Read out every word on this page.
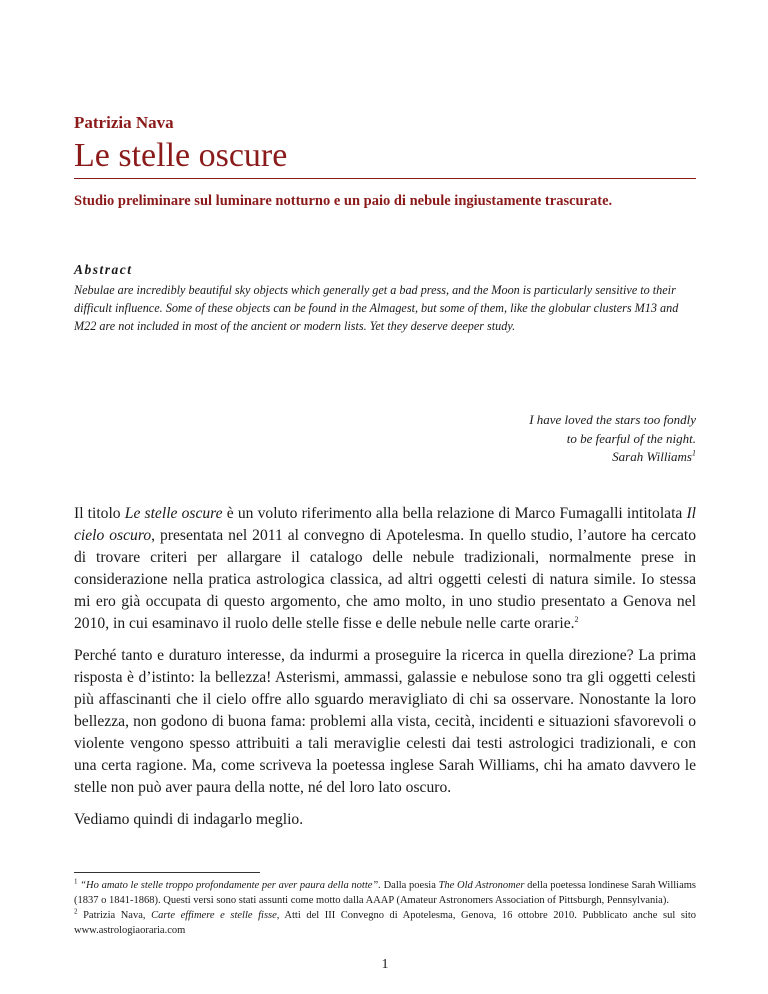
Patrizia Nava
Le stelle oscure
Studio preliminare sul luminare notturno e un paio di nebule ingiustamente trascurate.
Abstract
Nebulae are incredibly beautiful sky objects which generally get a bad press, and the Moon is particularly sensitive to their difficult influence. Some of these objects can be found in the Almagest, but some of them, like the globular clusters M13 and M22 are not included in most of the ancient or modern lists. Yet they deserve deeper study.
I have loved the stars too fondly
to be fearful of the night.
Sarah Williams$^1$

Il titolo Le stelle oscure è un voluto riferimento alla bella relazione di Marco Fumagalli intitolata Il cielo oscuro, presentata nel 2011 al convegno di Apotelesma. In quello studio, l’autore ha cercato di trovare criteri per allargare il catalogo delle nebule tradizionali, normalmente prese in considerazione nella pratica astrologica classica, ad altri oggetti celesti di natura simile. Io stessa mi ero già occupata di questo argomento, che amo molto, in uno studio presentato a Genova nel 2010, in cui esaminavo il ruolo delle stelle fisse e delle nebule nelle carte orarie.$^2$

Perché tanto e duraturo interesse, da indurmi a proseguire la ricerca in quella direzione? La prima risposta è d’istinto: la bellezza! Asterismi, ammassi, galassie e nebulose sono tra gli oggetti celesti più affascinanti che il cielo offre allo sguardo meravigliato di chi sa osservare. Nonostante la loro bellezza, non godono di buona fama: problemi alla vista, cecità, incidenti e situazioni sfavorevoli o violente vengono spesso attribuiti a tali meraviglie celesti dai testi astrologici tradizionali, e con una certa ragione. Ma, come scriveva la poetessa inglese Sarah Williams, chi ha amato davvero le stelle non può aver paura della notte, né del loro lato oscuro.

Vediamo quindi di indagarlo meglio.

$^1$ “Ho amato le stelle troppo profondamente per aver paura della notte”. Dalla poesia The Old Astronomer della poetessa londinese Sarah Williams (1837 o 1841-1868). Questi versi sono stati assunti come motto dalla AAAP (Amateur Astronomers Association of Pittsburgh, Pennsylvania).

$^2$ Patrizia Nava, Carte effimere e stelle fisse, Atti del III Convegno di Apotelesma, Genova, 16 ottobre 2010. Pubblicato anche sul sito www.astrologiaoraria.com

1
